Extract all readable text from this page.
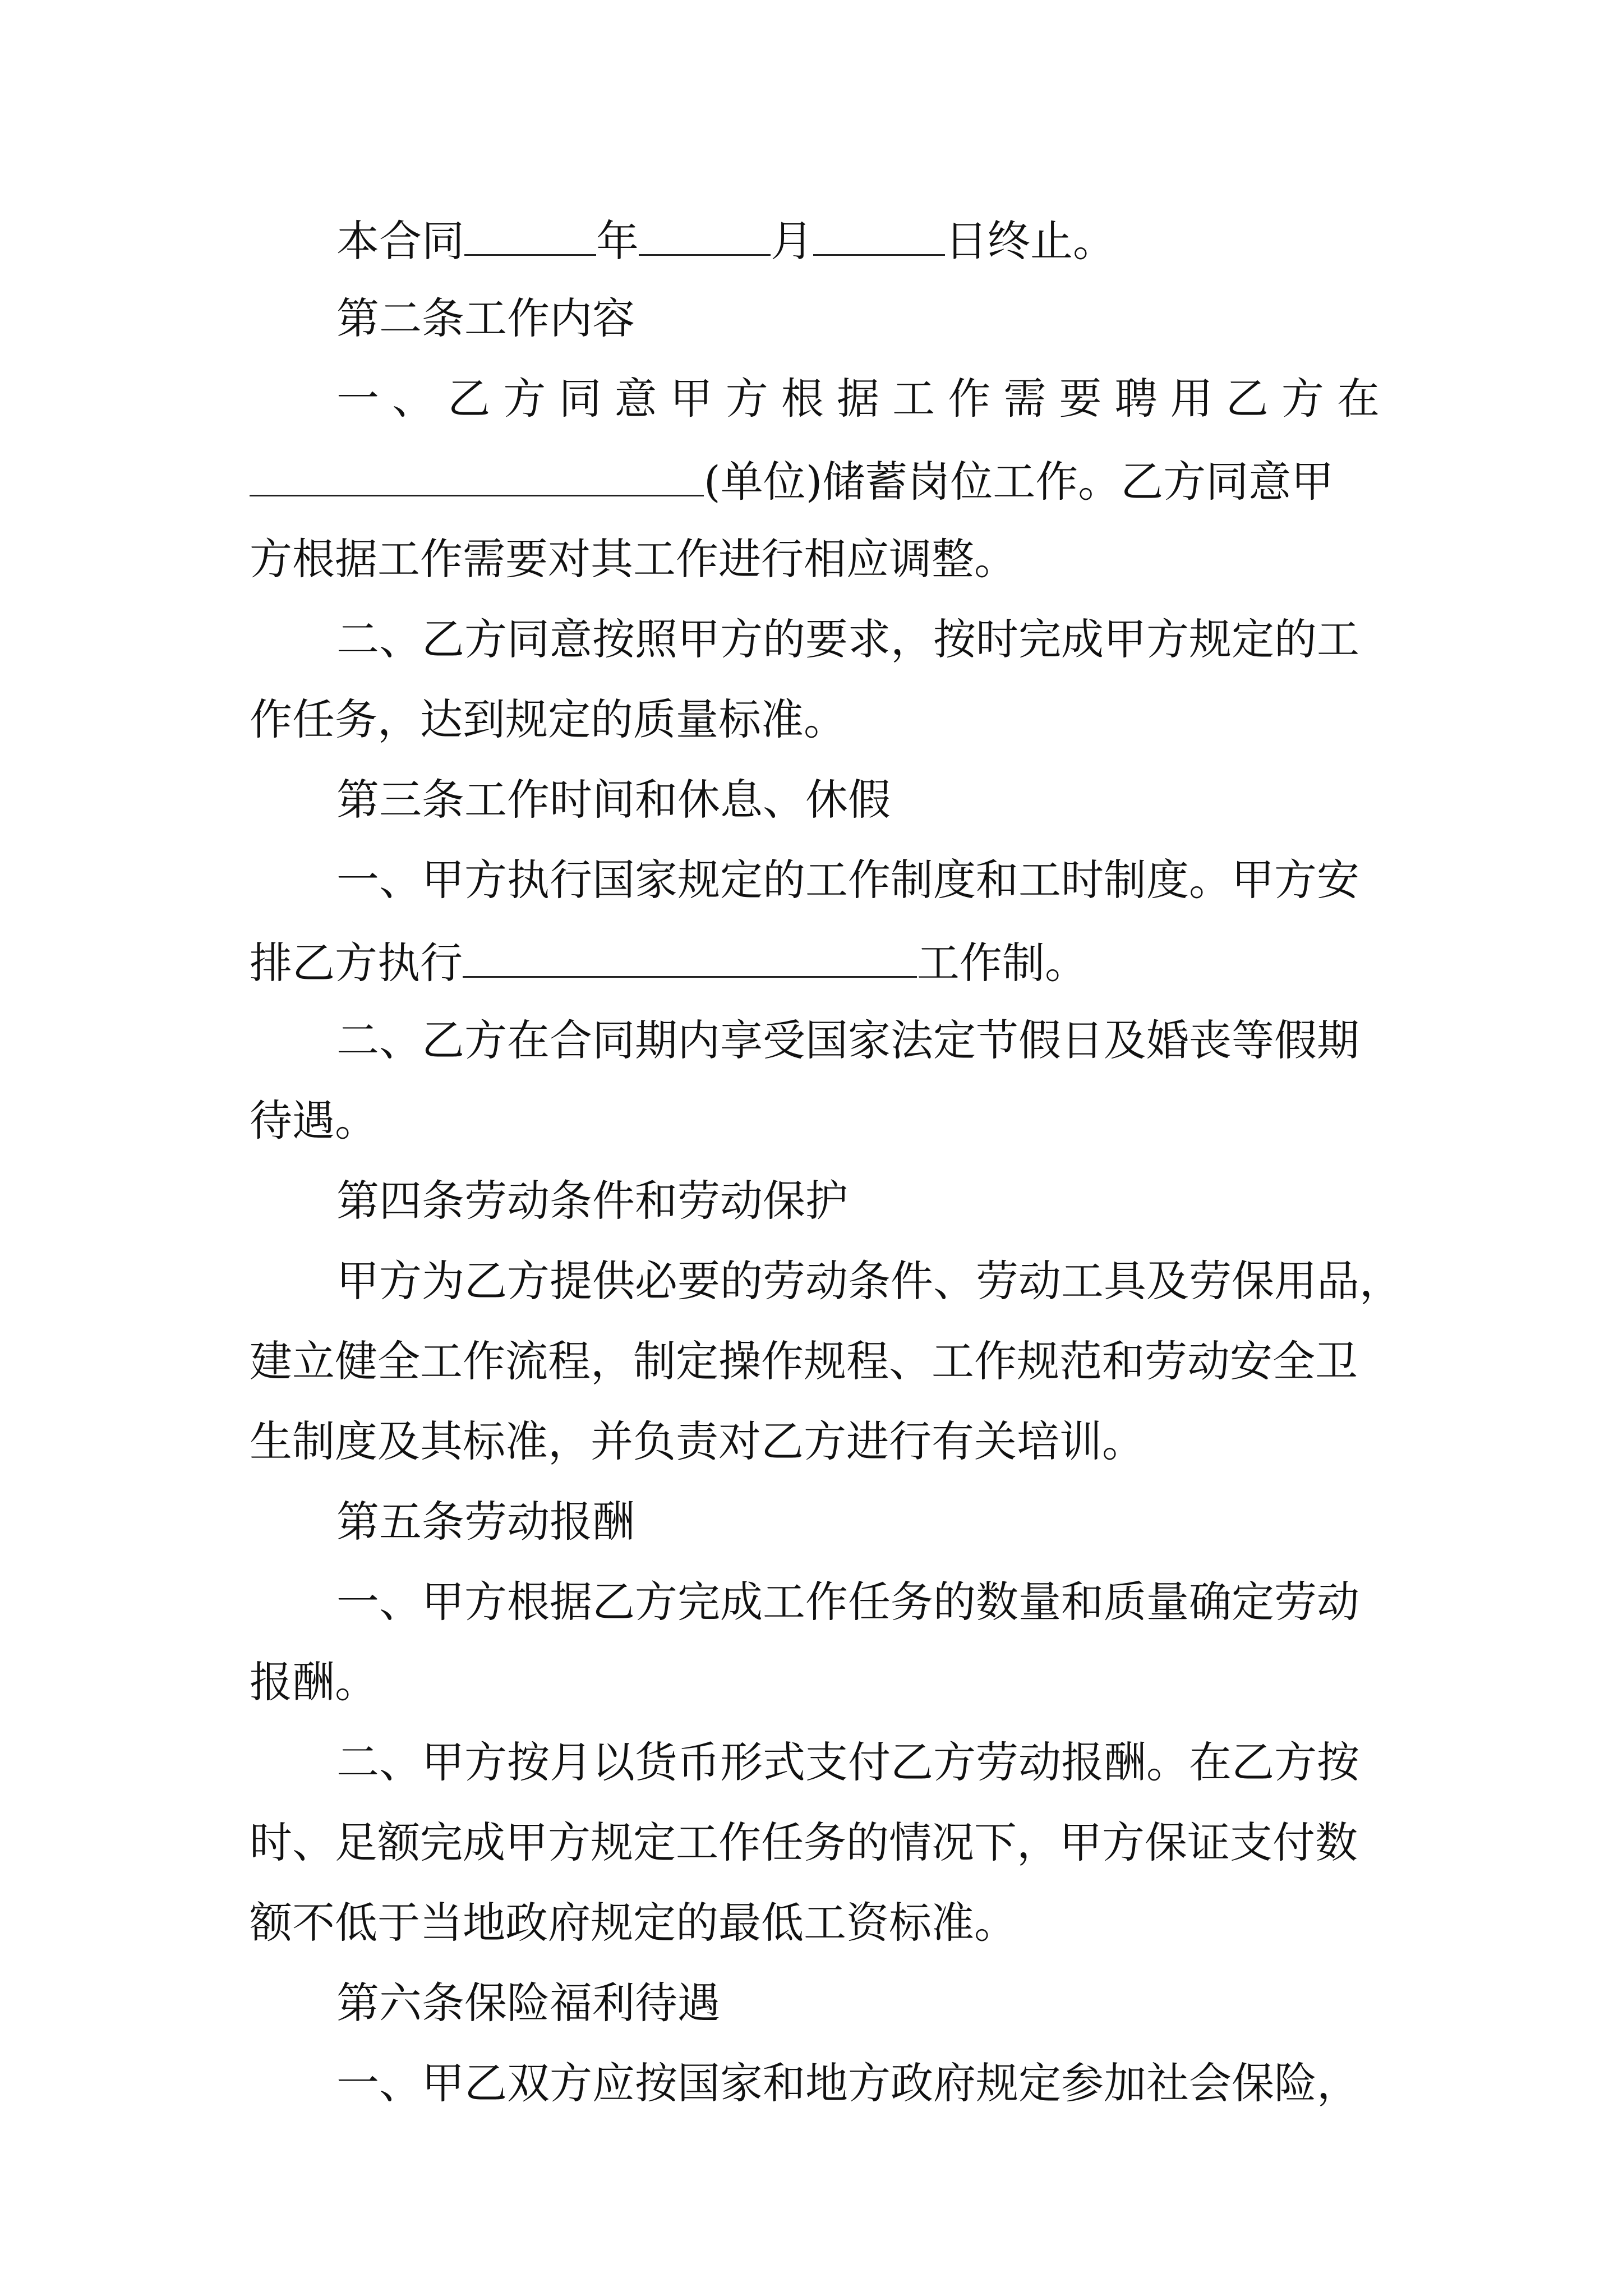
本合同	年	月	日终止。

第二条工作内容

一、乙方同意甲方根据工作需要聘用乙方在

(单位)储蓄岗位工作。乙方同意甲

方根据工作需要对其工作进行相应调整。

二、乙方同意按照甲方的要求，按时完成甲方规定的工

作任务，达到规定的质量标准。

第三条工作时间和休息、休假

一、甲方执行国家规定的工作制度和工时制度。甲方安

排乙方执行	工作制。

二、乙方在合同期内享受国家法定节假日及婚丧等假期

待遇。

第四条劳动条件和劳动保护

甲方为乙方提供必要的劳动条件、劳动工具及劳保用品，

建立健全工作流程，制定操作规程、工作规范和劳动安全卫

生制度及其标准，并负责对乙方进行有关培训。

第五条劳动报酬

一、甲方根据乙方完成工作任务的数量和质量确定劳动

报酬。

二、甲方按月以货币形式支付乙方劳动报酬。在乙方按

时、足额完成甲方规定工作任务的情况下，甲方保证支付数

额不低于当地政府规定的最低工资标准。

第六条保险福利待遇

一、甲乙双方应按国家和地方政府规定参加社会保险，
